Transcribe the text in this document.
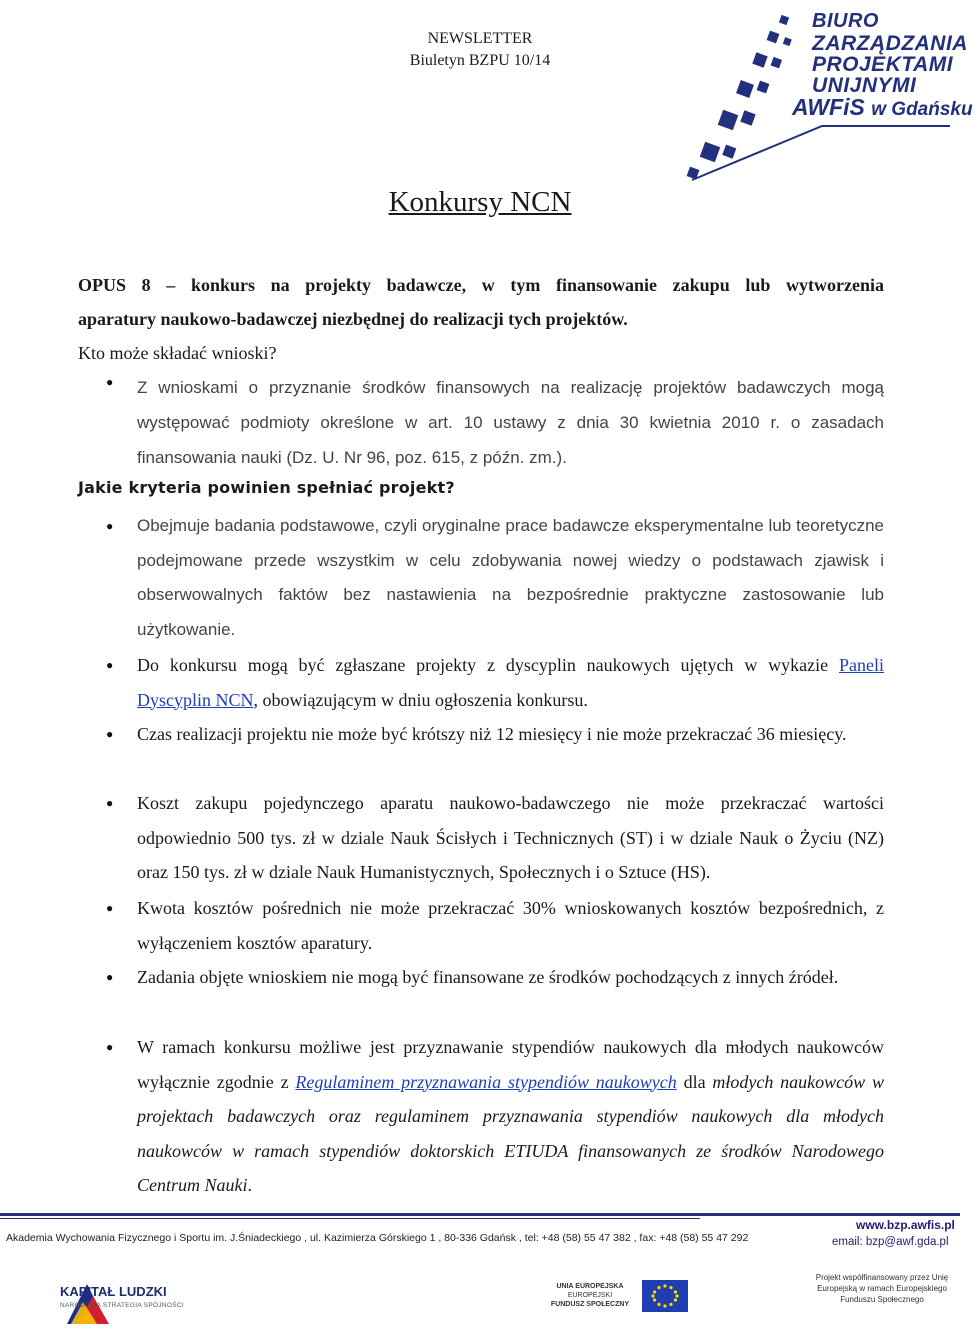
NEWSLETTER
Biuletyn BZPU 10/14
BIURO
ZARZĄDZANIA
PROJEKTAMI
UNIJNYMI
AWFiS w Gdańsku
Konkursy NCN
OPUS 8 – konkurs na projekty badawcze, w tym finansowanie zakupu lub wytworzenia
aparatury naukowo-badawczej niezbędnej do realizacji tych projektów.
Kto może składać wnioski?
● Z wnioskami o przyznanie środków finansowych na realizację projektów badawczych mogą występować podmioty określone w art. 10 ustawy z dnia 30 kwietnia 2010 r. o zasadach finansowania nauki (Dz. U. Nr 96, poz. 615, z późn. zm.).
Jakie kryteria powinien spełniać projekt?
● Obejmuje badania podstawowe, czyli oryginalne prace badawcze eksperymentalne lub teoretyczne podejmowane przede wszystkim w celu zdobywania nowej wiedzy o podstawach zjawisk i obserwowalnych faktów bez nastawienia na bezpośrednie praktyczne zastosowanie lub użytkowanie.
● Do konkursu mogą być zgłaszane projekty z dyscyplin naukowych ujętych w wykazie Paneli Dyscyplin NCN, obowiązującym w dniu ogłoszenia konkursu.
● Czas realizacji projektu nie może być krótszy niż 12 miesięcy i nie może przekraczać 36 miesięcy.
● Koszt zakupu pojedynczego aparatu naukowo-badawczego nie może przekraczać wartości odpowiednio 500 tys. zł w dziale Nauk Ścisłych i Technicznych (ST) i w dziale Nauk o Życiu (NZ) oraz 150 tys. zł w dziale Nauk Humanistycznych, Społecznych i o Sztuce (HS).
● Kwota kosztów pośrednich nie może przekraczać 30% wnioskowanych kosztów bezpośrednich, z wyłączeniem kosztów aparatury.
● Zadania objęte wnioskiem nie mogą być finansowane ze środków pochodzących z innych źródeł.
● W ramach konkursu możliwe jest przyznawanie stypendiów naukowych dla młodych naukowców wyłącznie zgodnie z Regulaminem przyznawania stypendiów naukowych dla młodych naukowców w projektach badawczych oraz regulaminem przyznawania stypendiów naukowych dla młodych naukowców w ramach stypendiów doktorskich ETIUDA finansowanych ze środków Narodowego Centrum Nauki.
www.bzp.awfis.pl
email: bzp@awf.gda.pl
Akademia Wychowania Fizycznego i Sportu im. J.Śniadeckiego , ul. Kazimierza Górskiego 1 , 80-336 Gdańsk , tel: +48 (58) 55 47 382 , fax: +48 (58) 55 47 292
KAPITAŁ LUDZKI
NARODOWA STRATEGIA SPÓJNOŚCI
UNIA EUROPEJSKA
EUROPEJSKI
FUNDUSZ SPOŁECZNY
Projekt współfinansowany przez Unię Europejską w ramach Europejskiego Funduszu Społecznego
